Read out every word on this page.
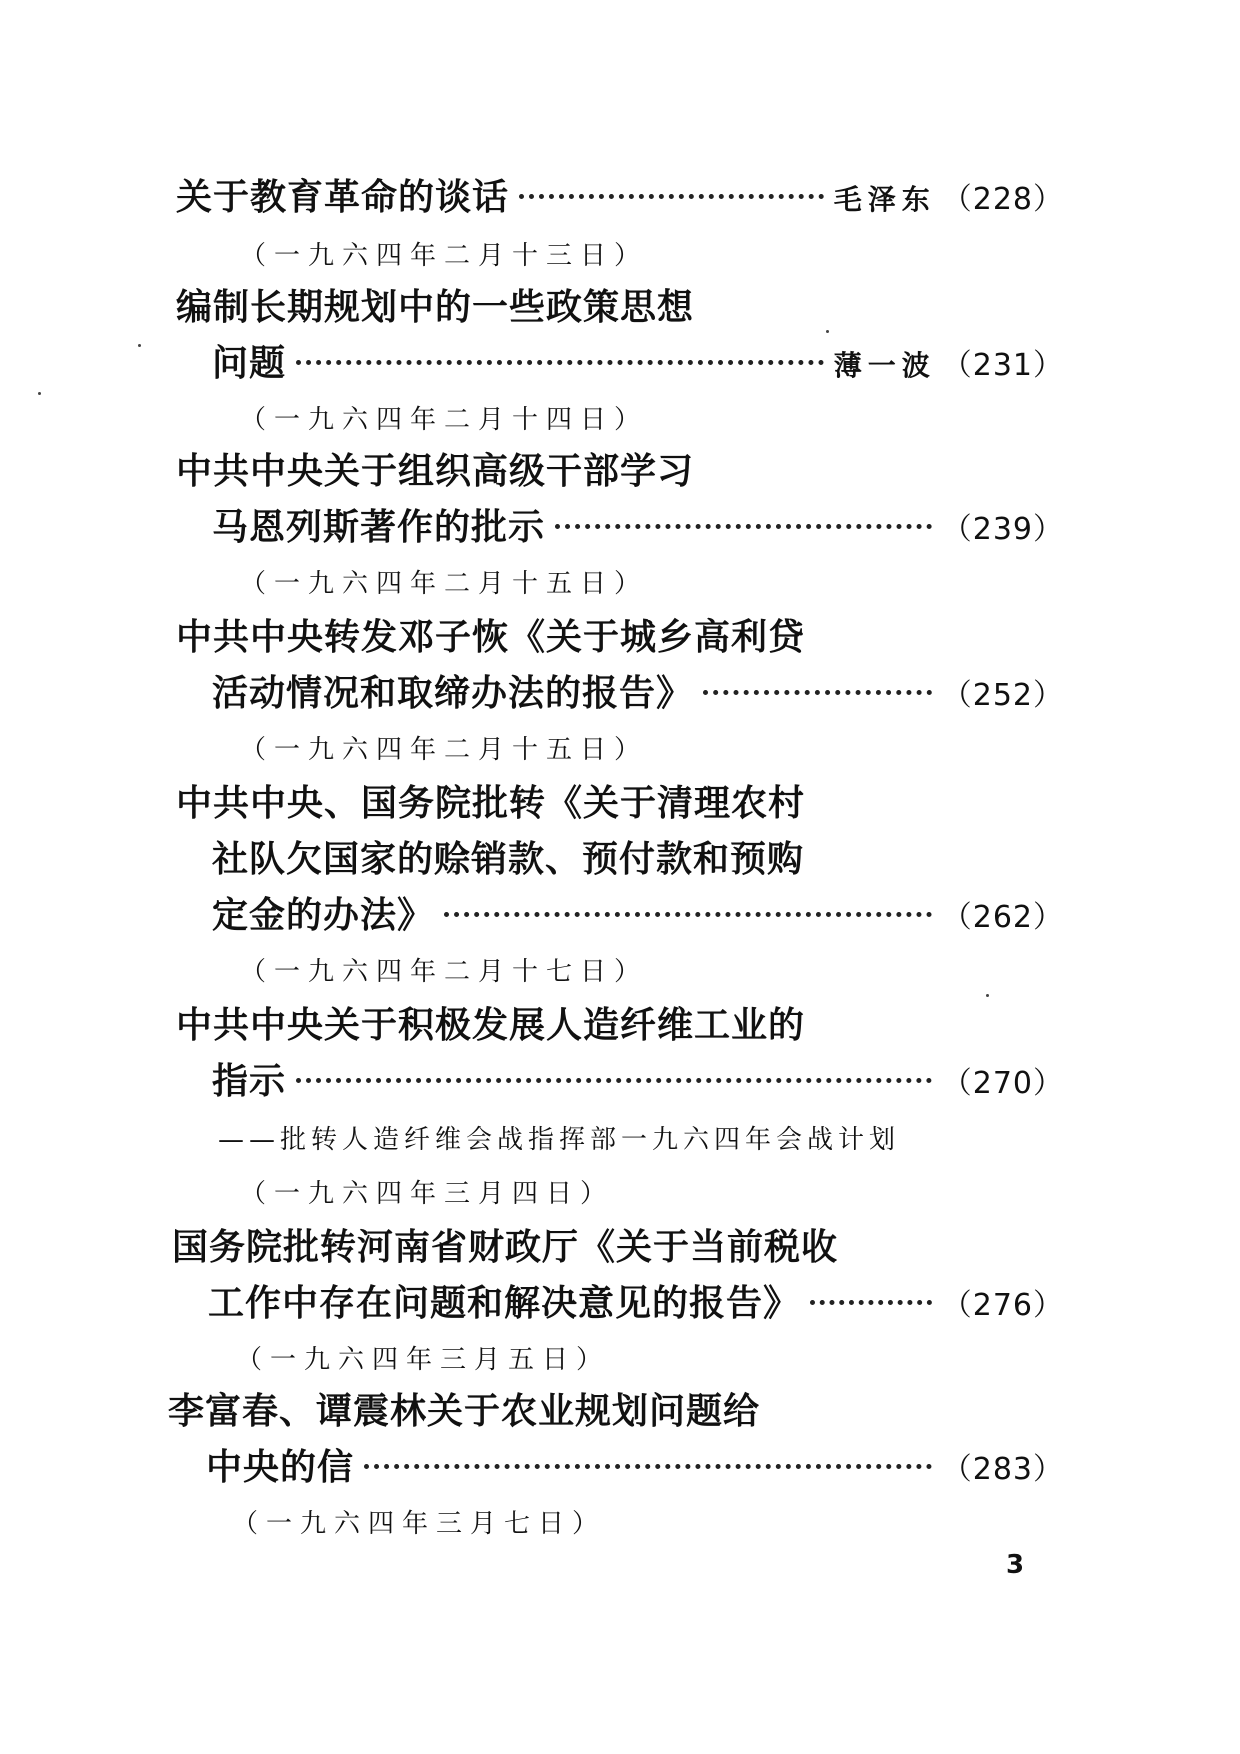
关于教育革命的谈话	毛泽东 （228）
（一九六四年二月十三日）
编制长期规划中的一些政策思想
问题	薄一波 （231）
（一九六四年二月十四日）
中共中央关于组织高级干部学习
马恩列斯著作的批示	（239）
（一九六四年二月十五日）
中共中央转发邓子恢《关于城乡高利贷
活动情况和取缔办法的报告》	（252）
（一九六四年二月十五日）
中共中央、国务院批转《关于清理农村
社队欠国家的赊销款、预付款和预购
定金的办法》	（262）
（一九六四年二月十七日）
中共中央关于积极发展人造纤维工业的
指示	（270）
——批转人造纤维会战指挥部一九六四年会战计划
（一九六四年三月四日）
国务院批转河南省财政厅《关于当前税收
工作中存在问题和解决意见的报告》	（276）
（一九六四年三月五日）
李富春、谭震林关于农业规划问题给
中央的信	（283）
（一九六四年三月七日）
3
